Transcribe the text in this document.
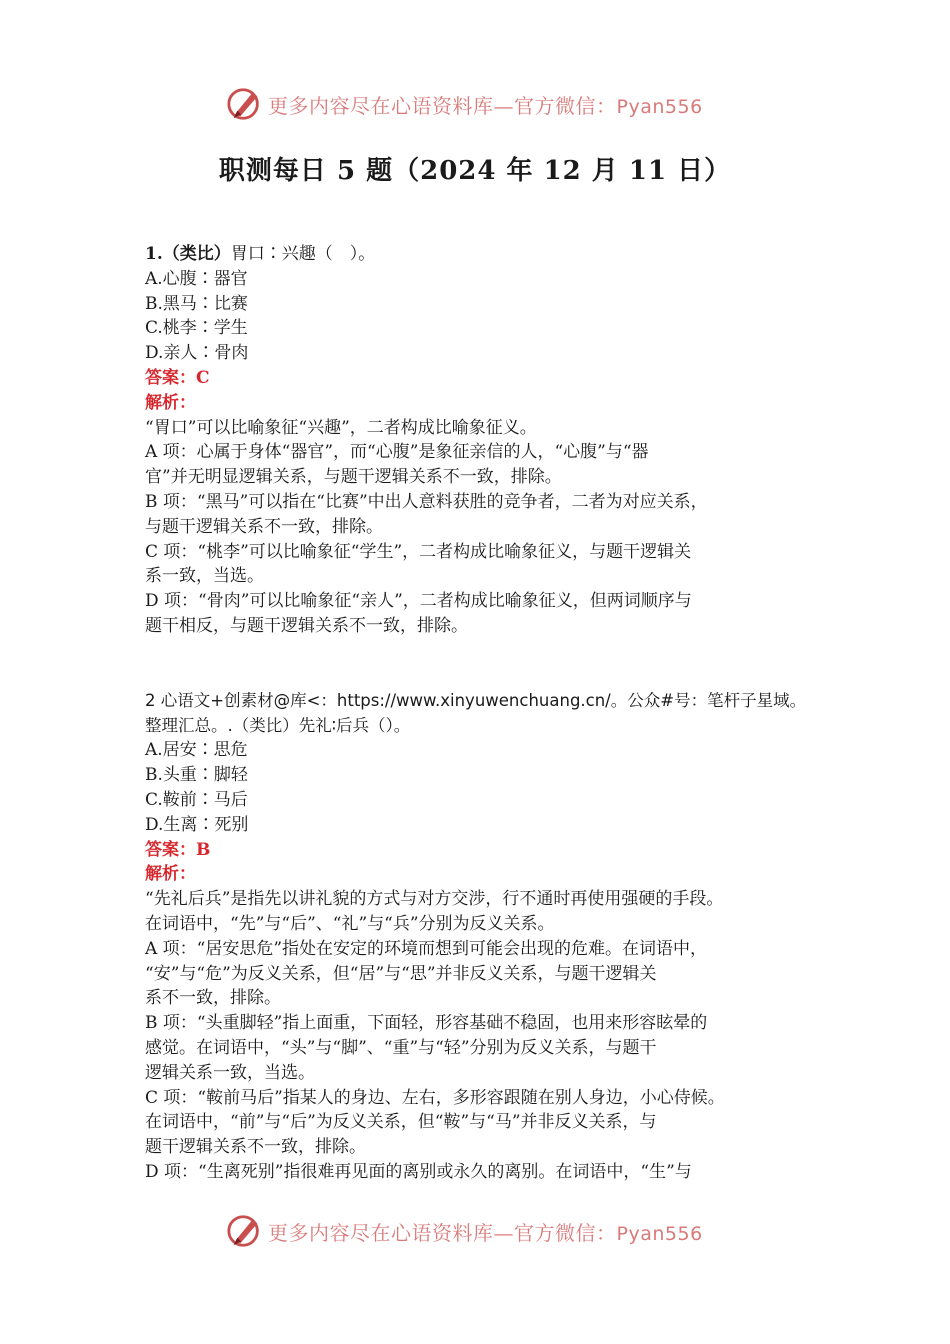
更多内容尽在心语资料库—官方微信：Pyan556
职测每日 5 题（2024 年 12 月 11 日）
1.（类比）胃口∶兴趣（　）。
A.心腹∶器官
B.黑马∶比赛
C.桃李∶学生
D.亲人∶骨肉
答案：C
解析：
“胃口”可以比喻象征“兴趣”，二者构成比喻象征义。
A 项：心属于身体“器官”，而“心腹”是象征亲信的人，“心腹”与“器
官”并无明显逻辑关系，与题干逻辑关系不一致，排除。
B 项：“黑马”可以指在“比赛”中出人意料获胜的竞争者，二者为对应关系，
与题干逻辑关系不一致，排除。
C 项：“桃李”可以比喻象征“学生”，二者构成比喻象征义，与题干逻辑关
系一致，当选。
D 项：“骨肉”可以比喻象征“亲人”，二者构成比喻象征义，但两词顺序与
题干相反，与题干逻辑关系不一致，排除。
2 心语文+创素材@库<：https://www.xinyuwenchuang.cn/。公众#号：笔杆子星域。
整理汇总。.（类比）先礼∶后兵（）。
A.居安∶思危
B.头重∶脚轻
C.鞍前∶马后
D.生离∶死别
答案：B
解析：
“先礼后兵”是指先以讲礼貌的方式与对方交涉，行不通时再使用强硬的手段。
在词语中，“先”与“后”、“礼”与“兵”分别为反义关系。
A 项：“居安思危”指处在安定的环境而想到可能会出现的危难。在词语中，
“安”与“危”为反义关系，但“居”与“思”并非反义关系，与题干逻辑关
系不一致，排除。
B 项：“头重脚轻”指上面重，下面轻，形容基础不稳固，也用来形容眩晕的
感觉。在词语中，“头”与“脚”、“重”与“轻”分别为反义关系，与题干
逻辑关系一致，当选。
C 项：“鞍前马后”指某人的身边、左右，多形容跟随在别人身边，小心侍候。
在词语中，“前”与“后”为反义关系，但“鞍”与“马”并非反义关系，与
题干逻辑关系不一致，排除。
D 项：“生离死别”指很难再见面的离别或永久的离别。在词语中，“生”与
更多内容尽在心语资料库—官方微信：Pyan556
